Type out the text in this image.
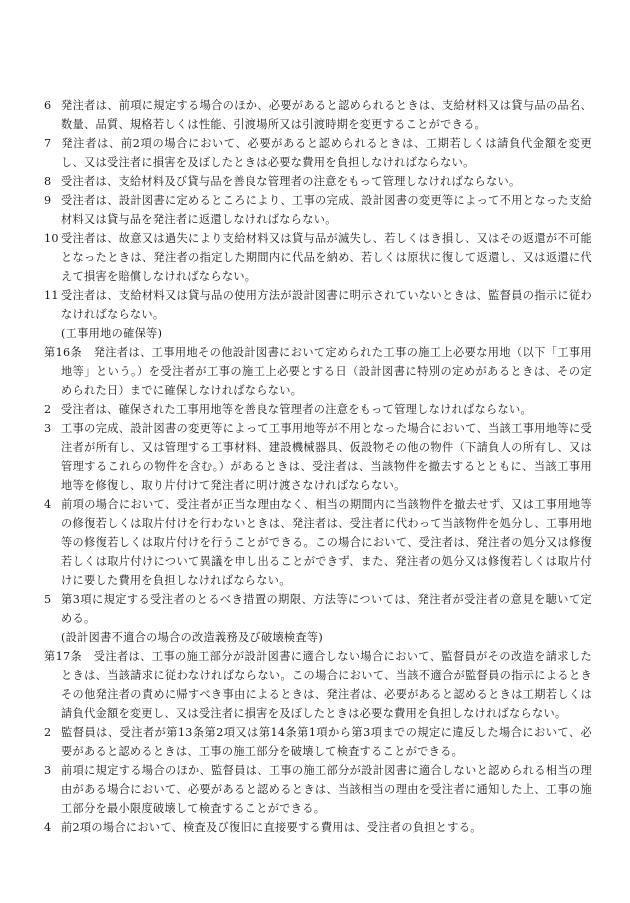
6 発注者は、前項に規定する場合のほか、必要があると認められるときは、支給材料又は貸与品の品名、数量、品質、規格若しくは性能、引渡場所又は引渡時期を変更することができる。

7 発注者は、前2項の場合において、必要があると認められるときは、工期若しくは請負代金額を変更し、又は受注者に損害を及ぼしたときは必要な費用を負担しなければならない。

8 受注者は、支給材料及び貸与品を善良な管理者の注意をもって管理しなければならない。

9 受注者は、設計図書に定めるところにより、工事の完成、設計図書の変更等によって不用となった支給材料又は貸与品を発注者に返還しなければならない。

10 受注者は、故意又は過失により支給材料又は貸与品が滅失し、若しくはき損し、又はその返還が不可能となったときは、発注者の指定した期間内に代品を納め、若しくは原状に復して返還し、又は返還に代えて損害を賠償しなければならない。

11 受注者は、支給材料又は貸与品の使用方法が設計図書に明示されていないときは、監督員の指示に従わなければならない。

(工事用地の確保等)

第16条　 発注者は、工事用地その他設計図書において定められた工事の施工上必要な用地（以下「工事用地等」という。）を受注者が工事の施工上必要とする日（設計図書に特別の定めがあるときは、その定められた日）までに確保しなければならない。

2 受注者は、確保された工事用地等を善良な管理者の注意をもって管理しなければならない。

3 工事の完成、設計図書の変更等によって工事用地等が不用となった場合において、当該工事用地等に受注者が所有し、又は管理する工事材料、建設機械器具、仮設物その他の物件（下請負人の所有し、又は管理するこれらの物件を含む。）があるときは、受注者は、当該物件を撤去するとともに、当該工事用地等を修復し、取り片付けて発注者に明け渡さなければならない。

4 前項の場合において、受注者が正当な理由なく、相当の期間内に当該物件を撤去せず、又は工事用地等の修復若しくは取片付けを行わないときは、発注者は、受注者に代わって当該物件を処分し、工事用地等の修復若しくは取片付けを行うことができる。この場合において、受注者は、発注者の処分又は修復若しくは取片付けについて異議を申し出ることができず、また、発注者の処分又は修復若しくは取片付けに要した費用を負担しなければならない。

5 第3項に規定する受注者のとるべき措置の期限、方法等については、発注者が受注者の意見を聴いて定める。

(設計図書不適合の場合の改造義務及び破壊検査等)

第17条　 受注者は、工事の施工部分が設計図書に適合しない場合において、監督員がその改造を請求したときは、当該請求に従わなければならない。この場合において、当該不適合が監督員の指示によるときその他発注者の責めに帰すべき事由によるときは、発注者は、必要があると認めるときは工期若しくは請負代金額を変更し、又は受注者に損害を及ぼしたときは必要な費用を負担しなければならない。

2 監督員は、受注者が第13条第2項又は第14条第1項から第3項までの規定に違反した場合において、必要があると認めるときは、工事の施工部分を破壊して検査することができる。

3 前項に規定する場合のほか、監督員は、工事の施工部分が設計図書に適合しないと認められる相当の理由がある場合において、必要があると認めるときは、当該相当の理由を受注者に通知した上、工事の施工部分を最小限度破壊して検査することができる。

4 前2項の場合において、検査及び復旧に直接要する費用は、受注者の負担とする。
